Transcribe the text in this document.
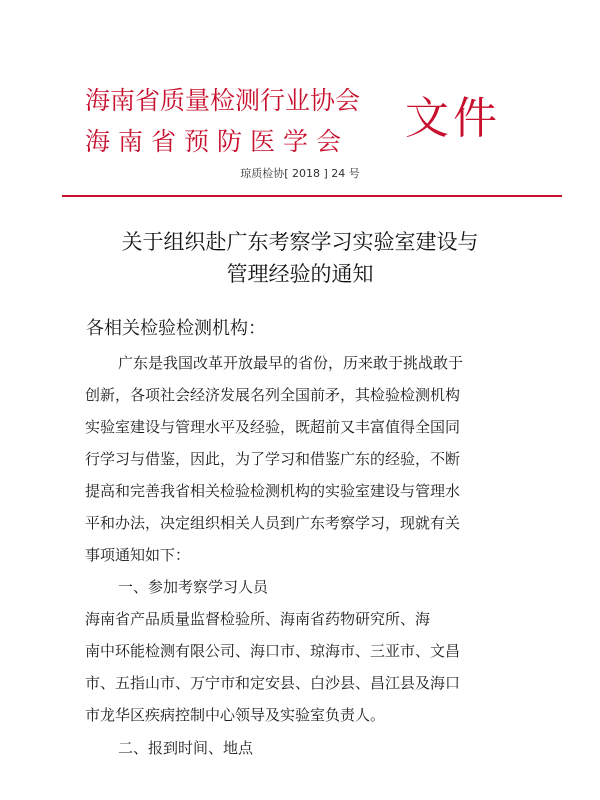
海南省质量检测行业协会
海南省预防医学会 文件
琼质检协[ 2018 ] 24 号
关于组织赴广东考察学习实验室建设与
管理经验的通知
各相关检验检测机构：
广东是我国改革开放最早的省份，历来敢于挑战敢于
创新，各项社会经济发展名列全国前矛，其检验检测机构
实验室建设与管理水平及经验，既超前又丰富值得全国同
行学习与借鉴，因此，为了学习和借鉴广东的经验，不断
提高和完善我省相关检验检测机构的实验室建设与管理水
平和办法，决定组织相关人员到广东考察学习，现就有关
事项通知如下：
一、参加考察学习人员
海南省产品质量监督检验所、海南省药物研究所、海
南中环能检测有限公司、海口市、琼海市、三亚市、文昌
市、五指山市、万宁市和定安县、白沙县、昌江县及海口
市龙华区疾病控制中心领导及实验室负责人。
二、报到时间、地点
